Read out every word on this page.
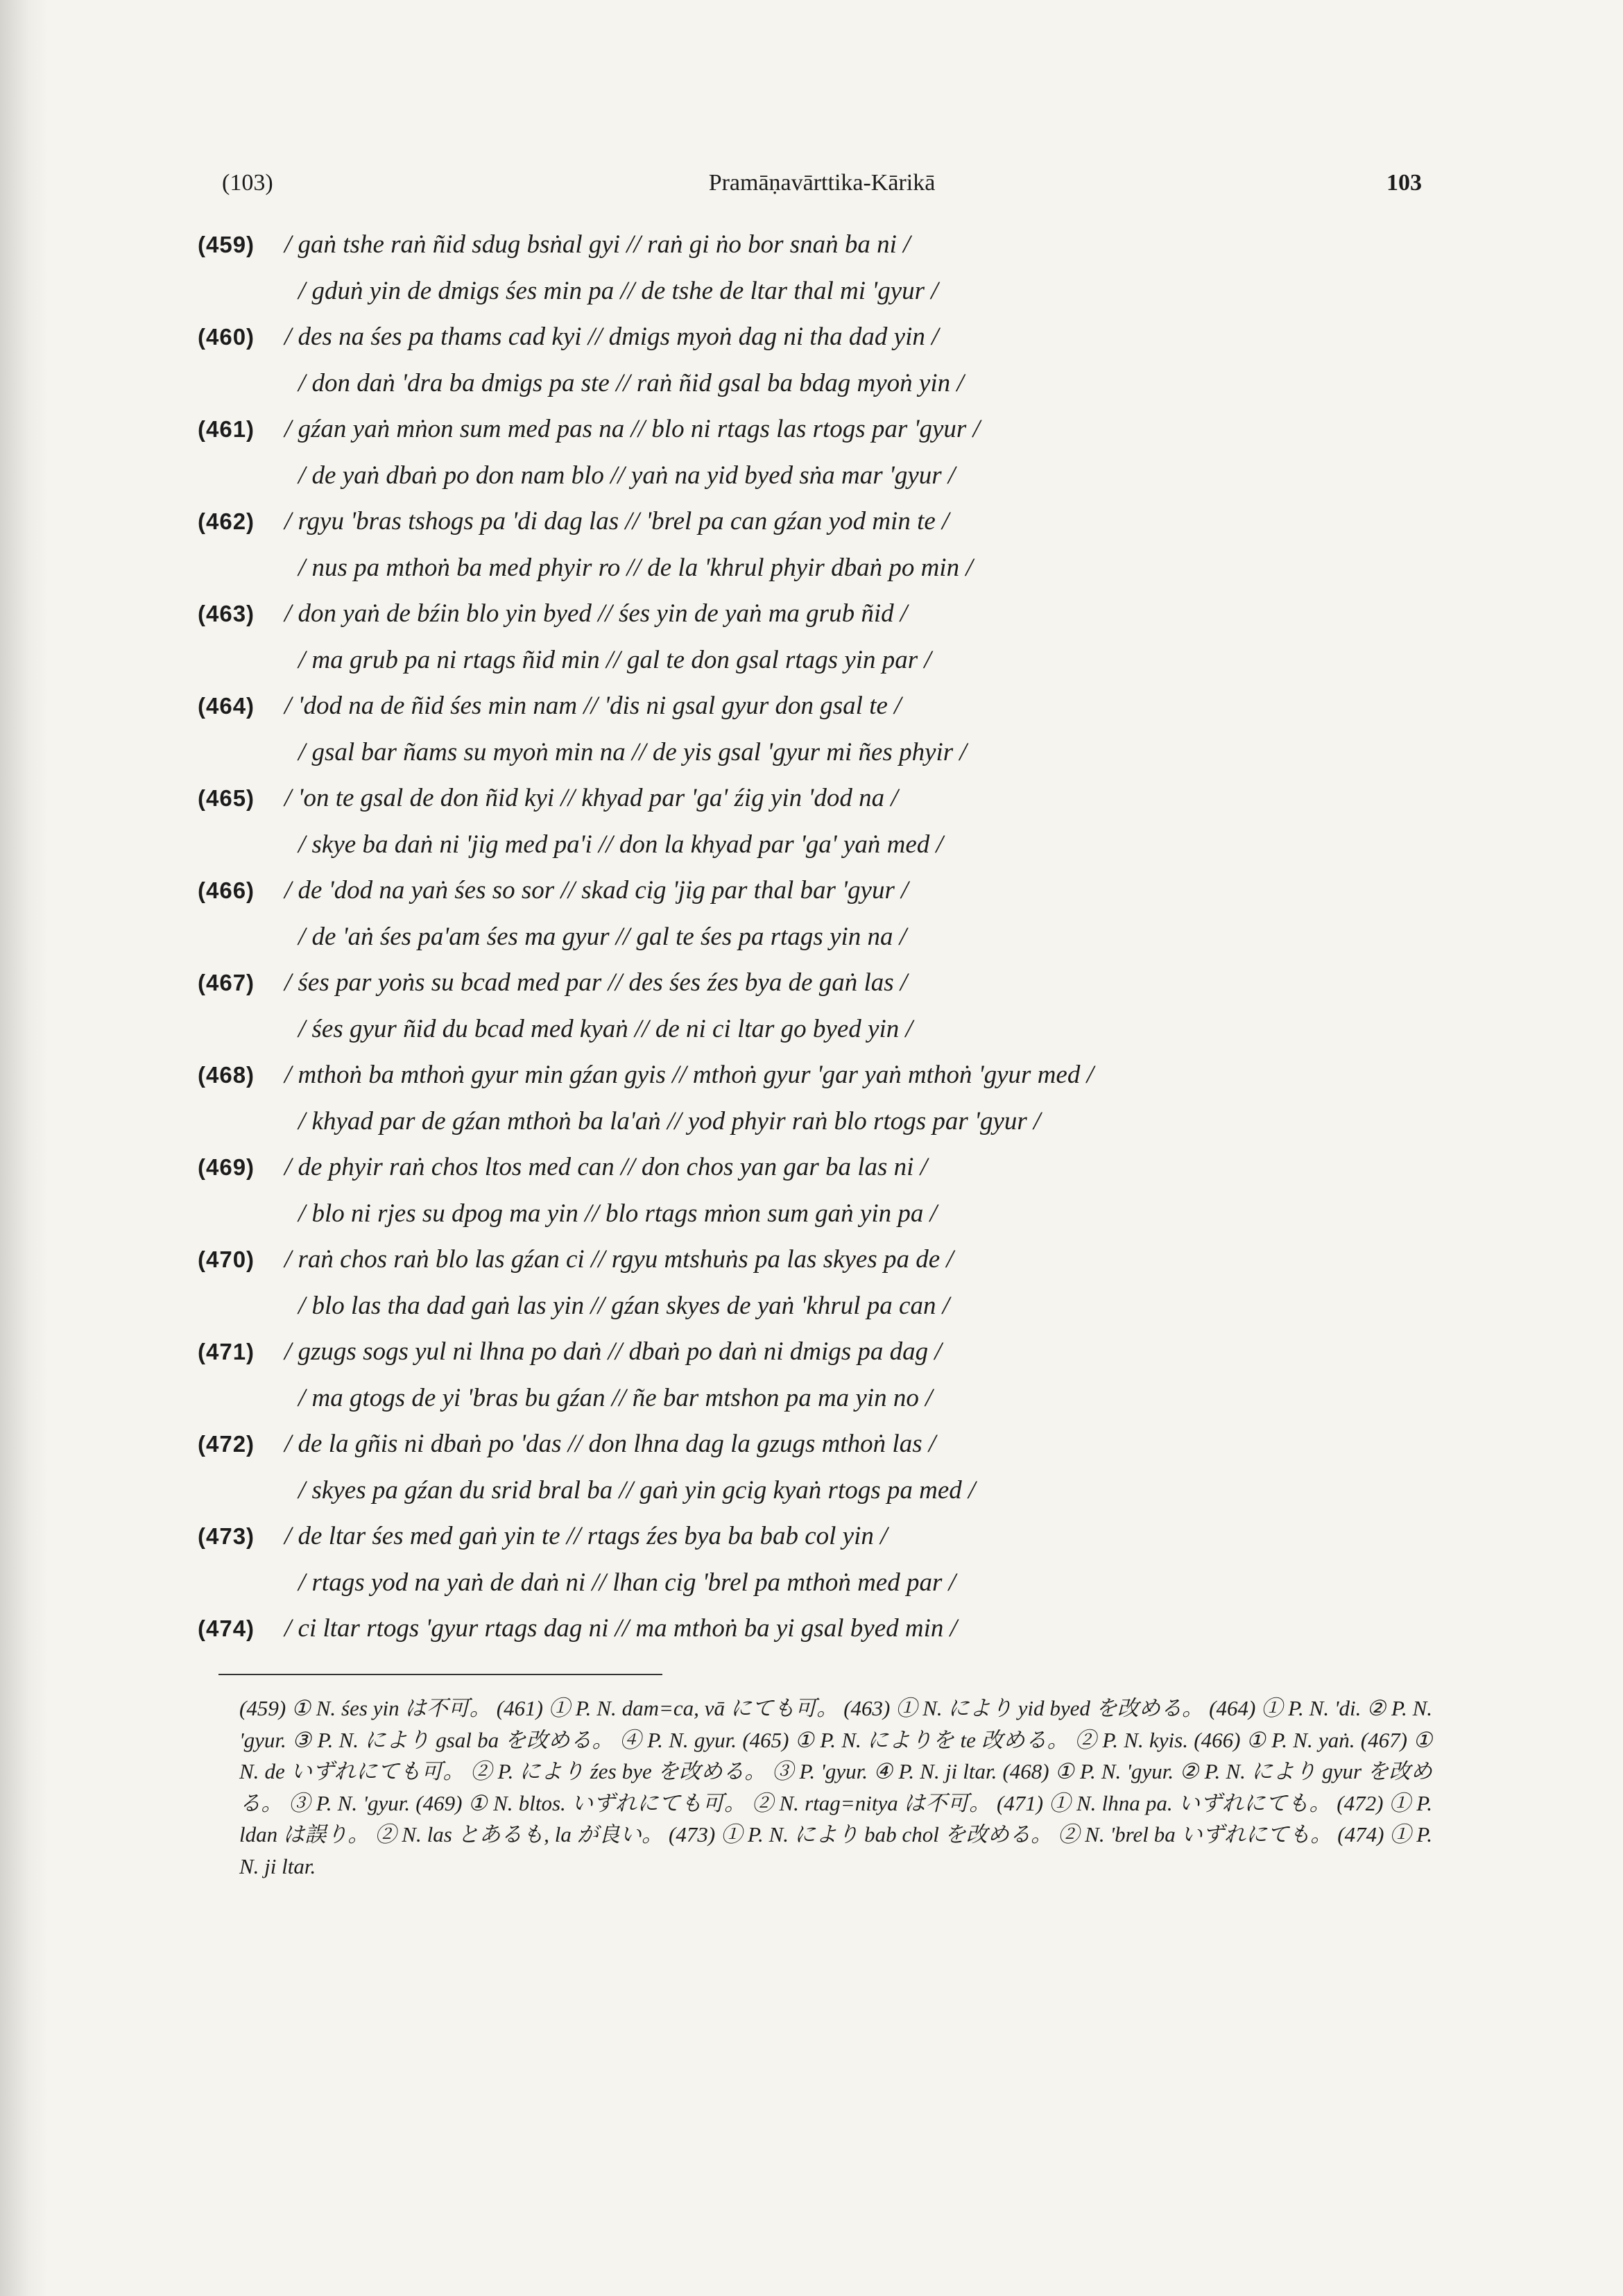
(103)	Pramāṇavārttika-Kārikā	103
(459) / gaṅ tshe raṅ ñid sdug bsṅal gyi // raṅ gi ṅo bor snaṅ ba ni /
/ gduṅ yin de dmigs śes min pa // de tshe de ltar thal mi 'gyur /
(460) / des na śes pa thams cad kyi // dmigs myoṅ dag ni tha dad yin /
/ don daṅ 'dra ba dmigs pa ste // raṅ ñid gsal ba bdag myoṅ yin /
(461) / gźan yaṅ mṅon sum med pas na // blo ni rtags las rtogs par 'gyur /
/ de yaṅ dbaṅ po don nam blo // yaṅ na yid byed sṅa mar 'gyur /
(462) / rgyu 'bras tshogs pa 'di dag las // 'brel pa can gźan yod min te /
/ nus pa mthoṅ ba med phyir ro // de la 'khrul phyir dbaṅ po min /
(463) / don yaṅ de bźin blo yin byed // śes yin de yaṅ ma grub ñid /
/ ma grub pa ni rtags ñid min // gal te don gsal rtags yin par /
(464) / 'dod na de ñid śes min nam // 'dis ni gsal gyur don gsal te /
/ gsal bar ñams su myoṅ min na // de yis gsal 'gyur mi ñes phyir /
(465) / 'on te gsal de don ñid kyi // khyad par 'ga' źig yin 'dod na /
/ skye ba daṅ ni 'jig med pa'i // don la khyad par 'ga' yaṅ med /
(466) / de 'dod na yaṅ śes so sor // skad cig 'jig par thal bar 'gyur /
/ de 'aṅ śes pa'am śes ma gyur // gal te śes pa rtags yin na /
(467) / śes par yoṅs su bcad med par // des śes źes bya de gaṅ las /
/ śes gyur ñid du bcad med kyaṅ // de ni ci ltar go byed yin /
(468) / mthoṅ ba mthoṅ gyur min gźan gyis // mthoṅ gyur 'gar yaṅ mthoṅ 'gyur med /
/ khyad par de gźan mthoṅ ba la'aṅ // yod phyir raṅ blo rtogs par 'gyur /
(469) / de phyir raṅ chos ltos med can // don chos yan gar ba las ni /
/ blo ni rjes su dpog ma yin // blo rtags mṅon sum gaṅ yin pa /
(470) / raṅ chos raṅ blo las gźan ci // rgyu mtshuṅs pa las skyes pa de /
/ blo las tha dad gaṅ las yin // gźan skyes de yaṅ 'khrul pa can /
(471) / gzugs sogs yul ni lhna po daṅ // dbaṅ po daṅ ni dmigs pa dag /
/ ma gtogs de yi 'bras bu gźan // ñe bar mtshon pa ma yin no /
(472) / de la gñis ni dbaṅ po 'das // don lhna dag la gzugs mthoṅ las /
/ skyes pa gźan du srid bral ba // gaṅ yin gcig kyaṅ rtogs pa med /
(473) / de ltar śes med gaṅ yin te // rtags źes bya ba bab col yin /
/ rtags yod na yaṅ de daṅ ni // lhan cig 'brel pa mthoṅ med par /
(474) / ci ltar rtogs 'gyur rtags dag ni // ma mthoṅ ba yi gsal byed min /
(459) ① N. śes yin は不可。 (461) ① P. N. dam=ca, vā にても可。 (463) ① N. により yid byed を改める。 (464) ① P. N. 'di. ② P. N. 'gyur. ③ P. N. により gsal ba を改める。 ④ P. N. gyur. (465) ① P. N. によりを te 改める。 ② P. N. kyis. (466) ① P. N. yaṅ. (467) ① N. de いずれにても可。 ② P. により źes bye を改める。 ③ P. 'gyur. ④ P. N. ji ltar. (468) ① P. N. 'gyur. ② P. N. により gyur を改める。 ③ P. N. 'gyur. (469) ① N. bltos. いずれにても可。 ② N. rtag=nitya は不可。 (471) ① N. lhna pa. いずれにても。 (472) ① P. ldan は誤り。 ② N. las とあるも, la が良い。 (473) ① P. N. により bab chol を改める。 ② N. 'brel ba いずれにても。 (474) ① P. N. ji ltar.
